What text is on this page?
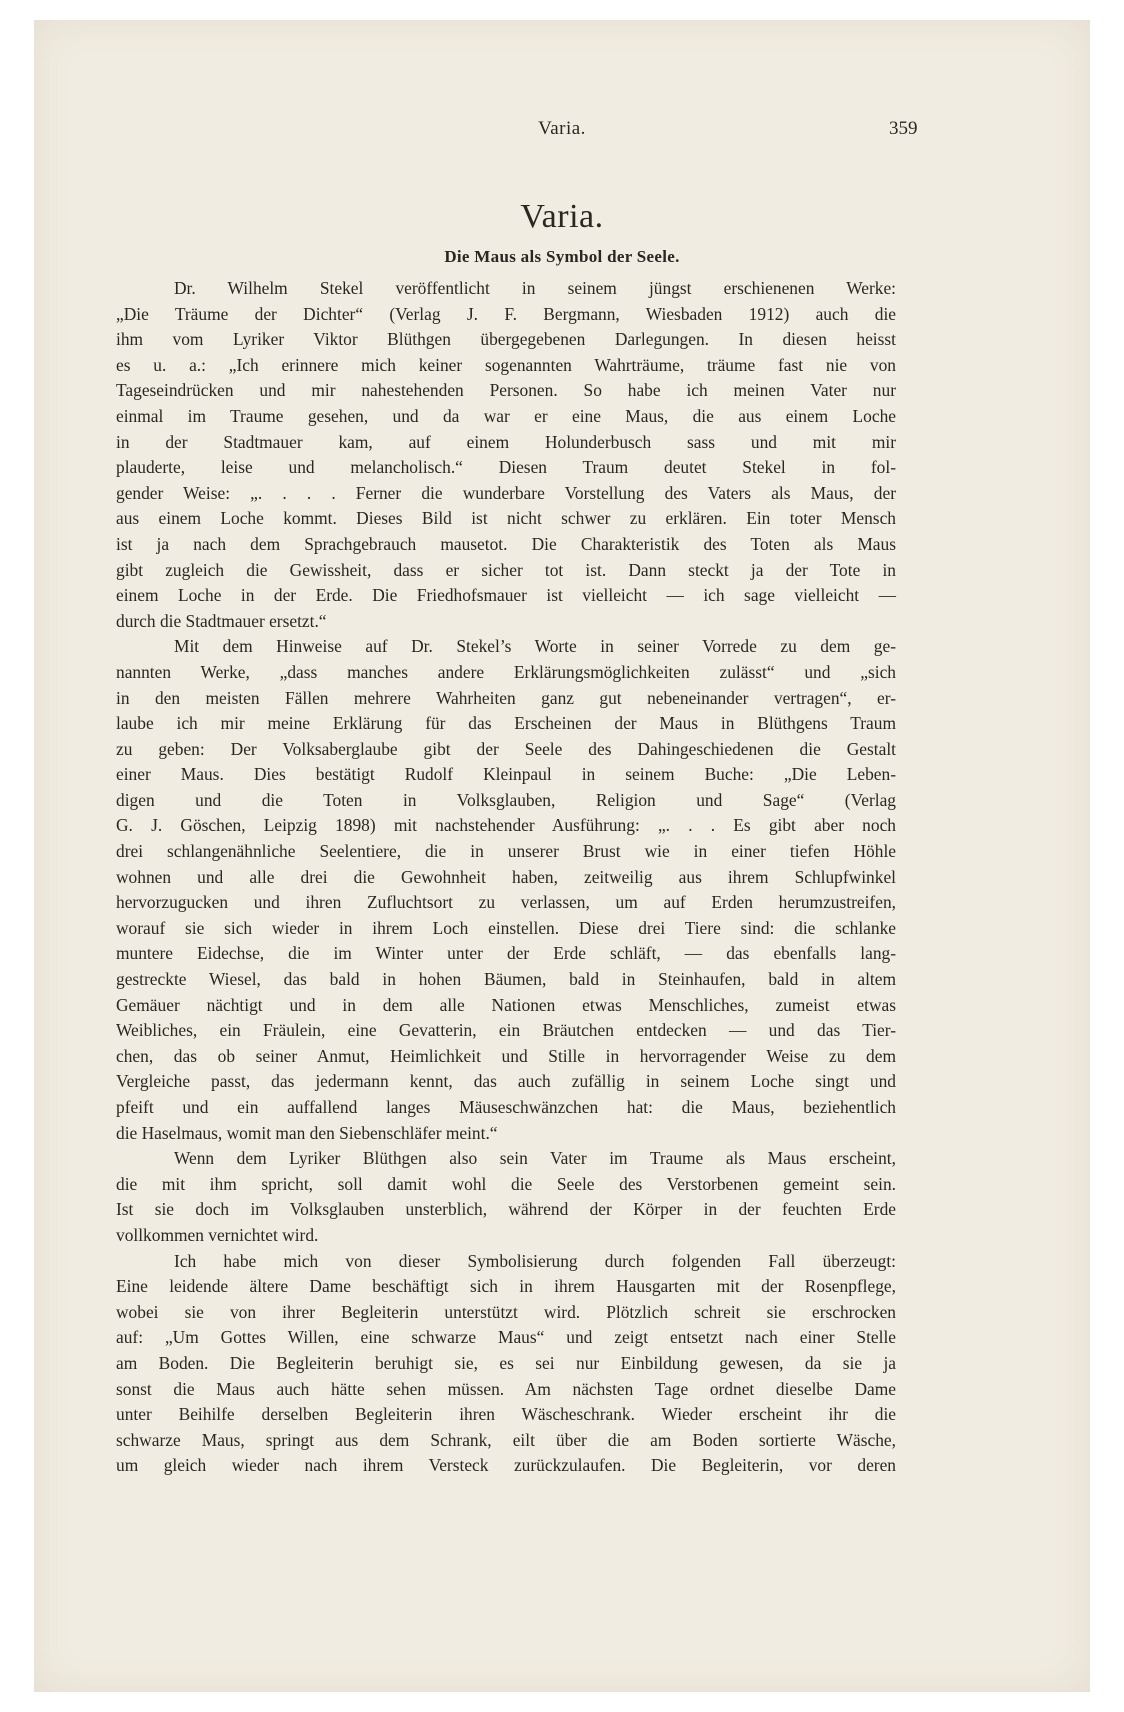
Varia.	359
Varia.
Die Maus als Symbol der Seele.
Dr. Wilhelm Stekel veröffentlicht in seinem jüngst erschienenen Werke:
„Die Träume der Dichter“ (Verlag J. F. Bergmann, Wiesbaden 1912) auch die
ihm vom Lyriker Viktor Blüthgen übergegebenen Darlegungen. In diesen heisst
es u. a.: „Ich erinnere mich keiner sogenannten Wahrträume, träume fast nie von
Tageseindrücken und mir nahestehenden Personen. So habe ich meinen Vater nur
einmal im Traume gesehen, und da war er eine Maus, die aus einem Loche
in der Stadtmauer kam, auf einem Holunderbusch sass und mit mir
plauderte, leise und melancholisch.“ Diesen Traum deutet Stekel in fol-
gender Weise: „. . . . Ferner die wunderbare Vorstellung des Vaters als Maus, der
aus einem Loche kommt. Dieses Bild ist nicht schwer zu erklären. Ein toter Mensch
ist ja nach dem Sprachgebrauch mausetot. Die Charakteristik des Toten als Maus
gibt zugleich die Gewissheit, dass er sicher tot ist. Dann steckt ja der Tote in
einem Loche in der Erde. Die Friedhofsmauer ist vielleicht — ich sage vielleicht —
durch die Stadtmauer ersetzt.“
Mit dem Hinweise auf Dr. Stekel’s Worte in seiner Vorrede zu dem ge-
nannten Werke, „dass manches andere Erklärungsmöglichkeiten zulässt“ und „sich
in den meisten Fällen mehrere Wahrheiten ganz gut nebeneinander vertragen“, er-
laube ich mir meine Erklärung für das Erscheinen der Maus in Blüthgens Traum
zu geben: Der Volksaberglaube gibt der Seele des Dahingeschiedenen die Gestalt
einer Maus. Dies bestätigt Rudolf Kleinpaul in seinem Buche: „Die Leben-
digen und die Toten in Volksglauben, Religion und Sage“ (Verlag
G. J. Göschen, Leipzig 1898) mit nachstehender Ausführung: „. . . Es gibt aber noch
drei schlangenähnliche Seelentiere, die in unserer Brust wie in einer tiefen Höhle
wohnen und alle drei die Gewohnheit haben, zeitweilig aus ihrem Schlupfwinkel
hervorzugucken und ihren Zufluchtsort zu verlassen, um auf Erden herumzustreifen,
worauf sie sich wieder in ihrem Loch einstellen. Diese drei Tiere sind: die schlanke
muntere Eidechse, die im Winter unter der Erde schläft, — das ebenfalls lang-
gestreckte Wiesel, das bald in hohen Bäumen, bald in Steinhaufen, bald in altem
Gemäuer nächtigt und in dem alle Nationen etwas Menschliches, zumeist etwas
Weibliches, ein Fräulein, eine Gevatterin, ein Bräutchen entdecken — und das Tier-
chen, das ob seiner Anmut, Heimlichkeit und Stille in hervorragender Weise zu dem
Vergleiche passt, das jedermann kennt, das auch zufällig in seinem Loche singt und
pfeift und ein auffallend langes Mäuseschwänzchen hat: die Maus, beziehentlich
die Haselmaus, womit man den Siebenschläfer meint.“
Wenn dem Lyriker Blüthgen also sein Vater im Traume als Maus erscheint,
die mit ihm spricht, soll damit wohl die Seele des Verstorbenen gemeint sein.
Ist sie doch im Volksglauben unsterblich, während der Körper in der feuchten Erde
vollkommen vernichtet wird.
Ich habe mich von dieser Symbolisierung durch folgenden Fall überzeugt:
Eine leidende ältere Dame beschäftigt sich in ihrem Hausgarten mit der Rosenpflege,
wobei sie von ihrer Begleiterin unterstützt wird. Plötzlich schreit sie erschrocken
auf: „Um Gottes Willen, eine schwarze Maus“ und zeigt entsetzt nach einer Stelle
am Boden. Die Begleiterin beruhigt sie, es sei nur Einbildung gewesen, da sie ja
sonst die Maus auch hätte sehen müssen. Am nächsten Tage ordnet dieselbe Dame
unter Beihilfe derselben Begleiterin ihren Wäscheschrank. Wieder erscheint ihr die
schwarze Maus, springt aus dem Schrank, eilt über die am Boden sortierte Wäsche,
um gleich wieder nach ihrem Versteck zurückzulaufen. Die Begleiterin, vor deren
